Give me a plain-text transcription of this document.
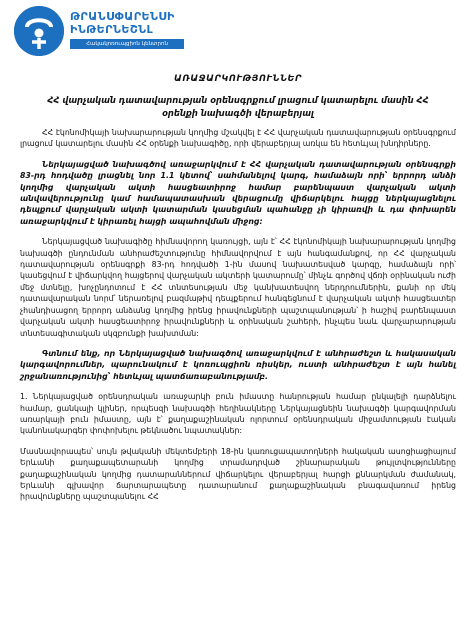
ԹՐԱՆՍՓԱՐԵՆՍԻ
ԻՆԹԵՐՆԵՇՆԼ
Հակակոռուպցիոն կենտրոն
ԱՌԱՋԱՐԿՈՒԹՅՈՒՆՆԵՐ
ՀՀ վարչական դատավարության օրենսգրքում լրացում կատարելու մասին ՀՀ
օրենքի նախագծի վերաբերյալ

ՀՀ էկոնոմիկայի նախարարության կողմից մշակվել է ՀՀ վարչական դատավարության օրենսգրքում լրացում կատարելու մասին ՀՀ օրենքի նախագիծը, որի վերաբերյալ առկա են հետևյալ խնդիրները.

Ներկայացված նախագծով առաջարկվում է ՀՀ վարչական դատավարության օրենսգրքի 83-րդ հոդվածը լրացնել նոր 1.1 կետով՝ սահմանելով կարգ, համաձայն որի՝ երրորդ անձի կողմից վարչական ակտի հասցեատիրոջ համար բարենպաստ վարչական ակտի անվավերությունը կամ համապատասխան վերացումը վիճարկելու հայցը ներկայացնելու դեպքում վարչական ակտի կատարման կասեցման պահանջը չի կիրառվի և դա փոխարեն առաջարկվում է կիրառել հայցի ապահովման միջոց:

Ներկայացված նախագիծը հիմնավորող կառույցի, այն է՝ ՀՀ էկոնոմիկայի նախարարության կողմից նախագծի ընդունման անհրաժեշտությունը հիմնավորվում է այն հանգամանքով, որ ՀՀ վարչական դատավարության օրենսգրքի 83-րդ հոդվածի 1-ին մասով նախատեսված կարգը, համաձայն որի՝ կասեցվում է վիճարկվող հայցերով վարչական ակտերի կատարումը՝ մինչև գործով վճռի օրինական ուժի մեջ մտնելը, խոչընդոտում է ՀՀ տնտեսության մեջ կանխատեսվող ներդրումներին, քանի որ մեկ դատավարական նորմ՝ ներառելով բազմաթիվ դեպքերում հանգեցնում է վարչական ակտի հասցեատեր չհանդիսացող երրորդ անձանց կողմից իրենց իրավունքների պաշտպանության՝ ի հաշիվ բարենպաստ վարչական ակտի հասցեատիրոջ իրավունքների և օրինական շահերի, ինչպես նաև վարչարարության տնտեսագիտական սկզբունքի խախտման:

Գտնում ենք, որ Ներկայացված նախագծով առաջարկվում է անհրաժեշտ և հակասական կարգավորումներ, պարունակում է կոռուպցիոն ռիսկեր, ուստի անհրաժեշտ է այն հանել շրջանառությունից՝ հետևյալ պատճառաբանությամբ.

1. Ներկայացված օրենսդրական առաջարկի բուն իմաստը հանրության համար ընկալելի դարձնելու համար, ցանկալի կլիներ, որպեսզի նախագծի հեղինակները Ներկայացնեին նախագծի կարգավորման առարկայի բուն իմաստը, այն է՝ քաղաքաշինական ոլորտում օրենսդրական միջամտության էական կանոնակարգեր փոփոխելու թեկնածու նպատակներ:

Մասնավորապես՝ սույն թվականի մեկտեմբերի 18-ին կառուցապատողների հակական ասոցիացիայում Երևանի քաղաքապետարանի կողմից տրամադրված շինարարական թույլտվությունները քաղաքաշինական կողմից դատարաններում վիճարկելու վերաբերյալ հարցի քննարկման ժամանակ, Երևանի գլխավոր ճարտարապետը դատարանում քաղաքաշինական բնագավառում իրենց իրավունքները պաշտպանելու ՀՀ
